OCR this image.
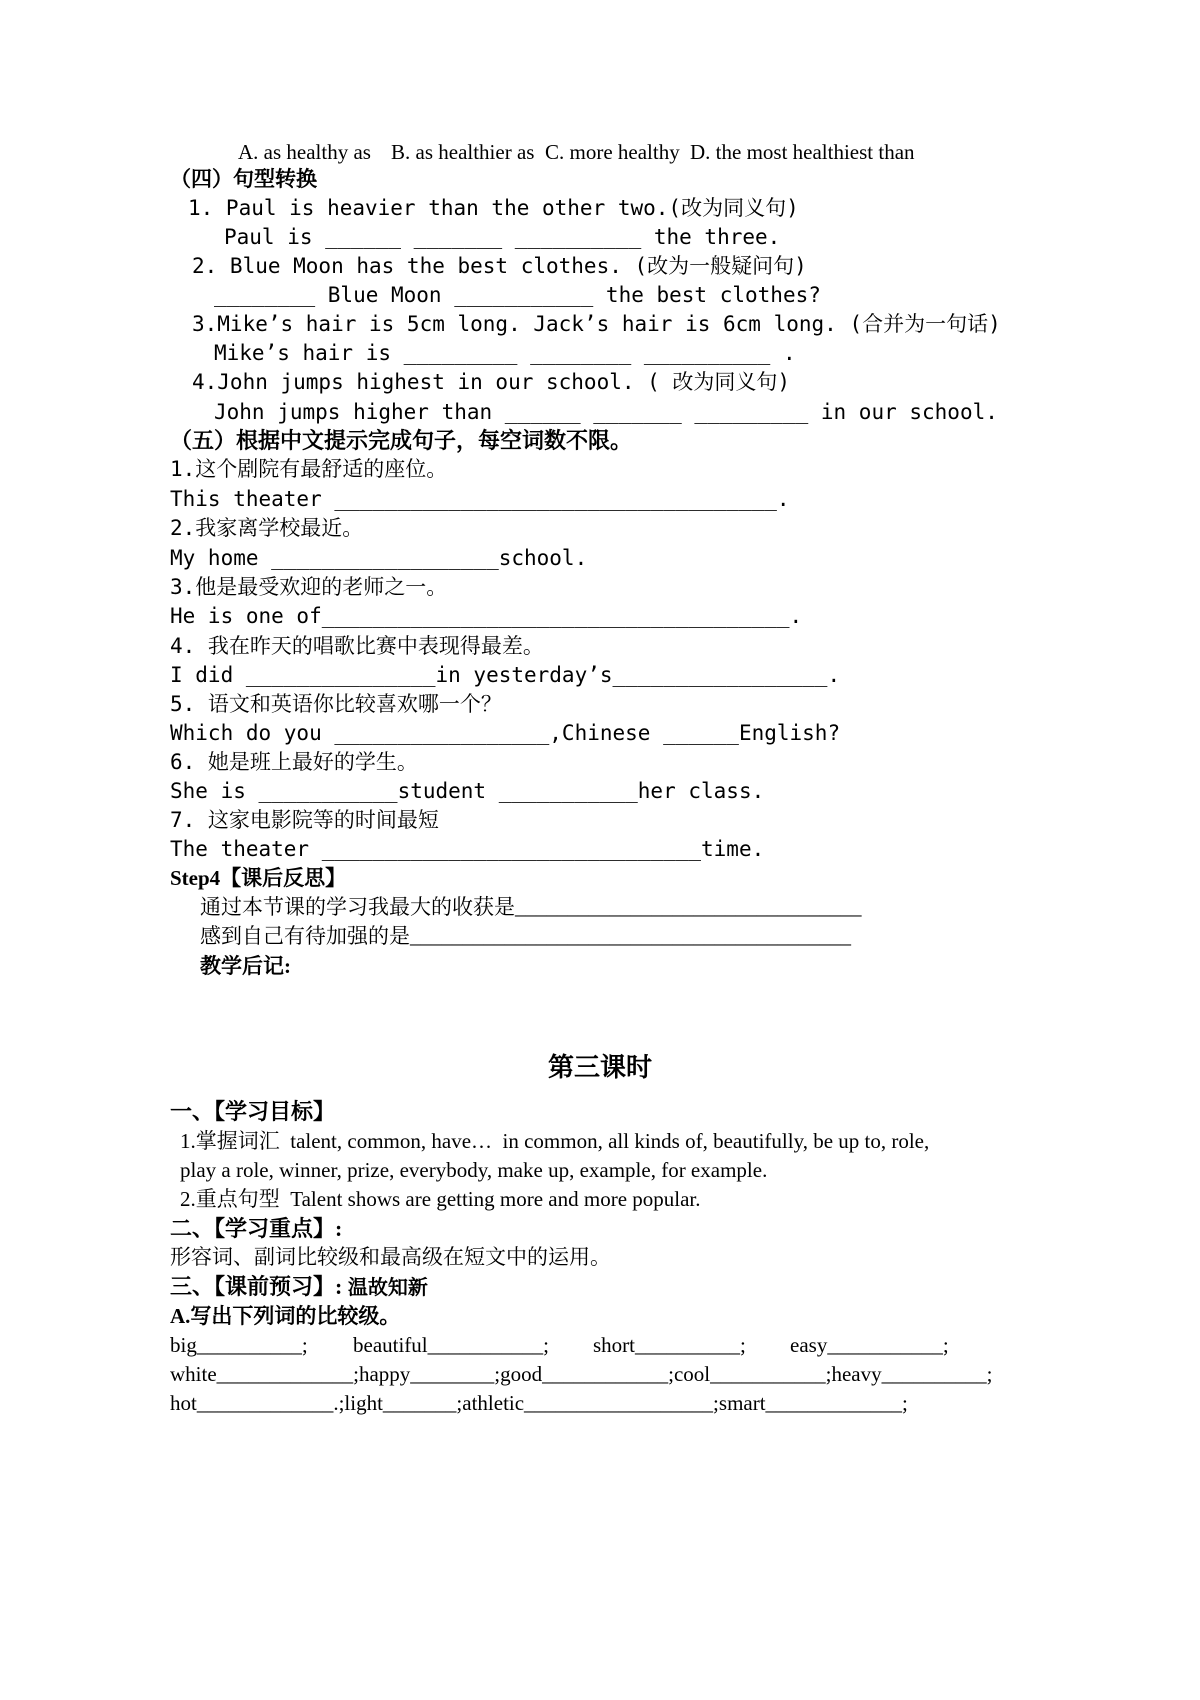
A. as healthy as B. as healthier as C. more healthy D. the most healthiest than
（四）句型转换
1. Paul is heavier than the other two.(改为同义句)
Paul is ______ _______ __________ the three.
2. Blue Moon has the best clothes. (改为一般疑问句)
________ Blue Moon ___________ the best clothes?
3.Mike’s hair is 5cm long. Jack’s hair is 6cm long. (合并为一句话)
Mike’s hair is _________ ________ __________ .
4.John jumps highest in our school. ( 改为同义句)
John jumps higher than ______ _______ _________ in our school.
（五）根据中文提示完成句子，每空词数不限。
1.这个剧院有最舒适的座位。
This theater ___________________________________.
2.我家离学校最近。
My home __________________school.
3.他是最受欢迎的老师之一。
He is one of_____________________________________.
4. 我在昨天的唱歌比赛中表现得最差。
I did _______________in yesterday’s_________________.
5. 语文和英语你比较喜欢哪一个？
Which do you _________________,Chinese ______English?
6. 她是班上最好的学生。
She is ___________student ___________her class.
7. 这家电影院等的时间最短
The theater ______________________________time.
Step4【课后反思】
通过本节课的学习我最大的收获是_________________________________
感到自己有待加强的是__________________________________________
教学后记:
第三课时
一、【学习目标】
1.掌握词汇  talent, common, have…  in common, all kinds of, beautifully, be up to, role,
play a role, winner, prize, everybody, make up, example, for example.
2.重点句型  Talent shows are getting more and more popular.
二、【学习重点】:
形容词、副词比较级和最高级在短文中的运用。
三、【课前预习】: 温故知新
A.写出下列词的比较级。
big__________; beautiful___________; short__________; easy___________;
white_____________;happy________;good____________;cool___________;heavy__________;
hot_____________.;light_______;athletic__________________;smart_____________;
